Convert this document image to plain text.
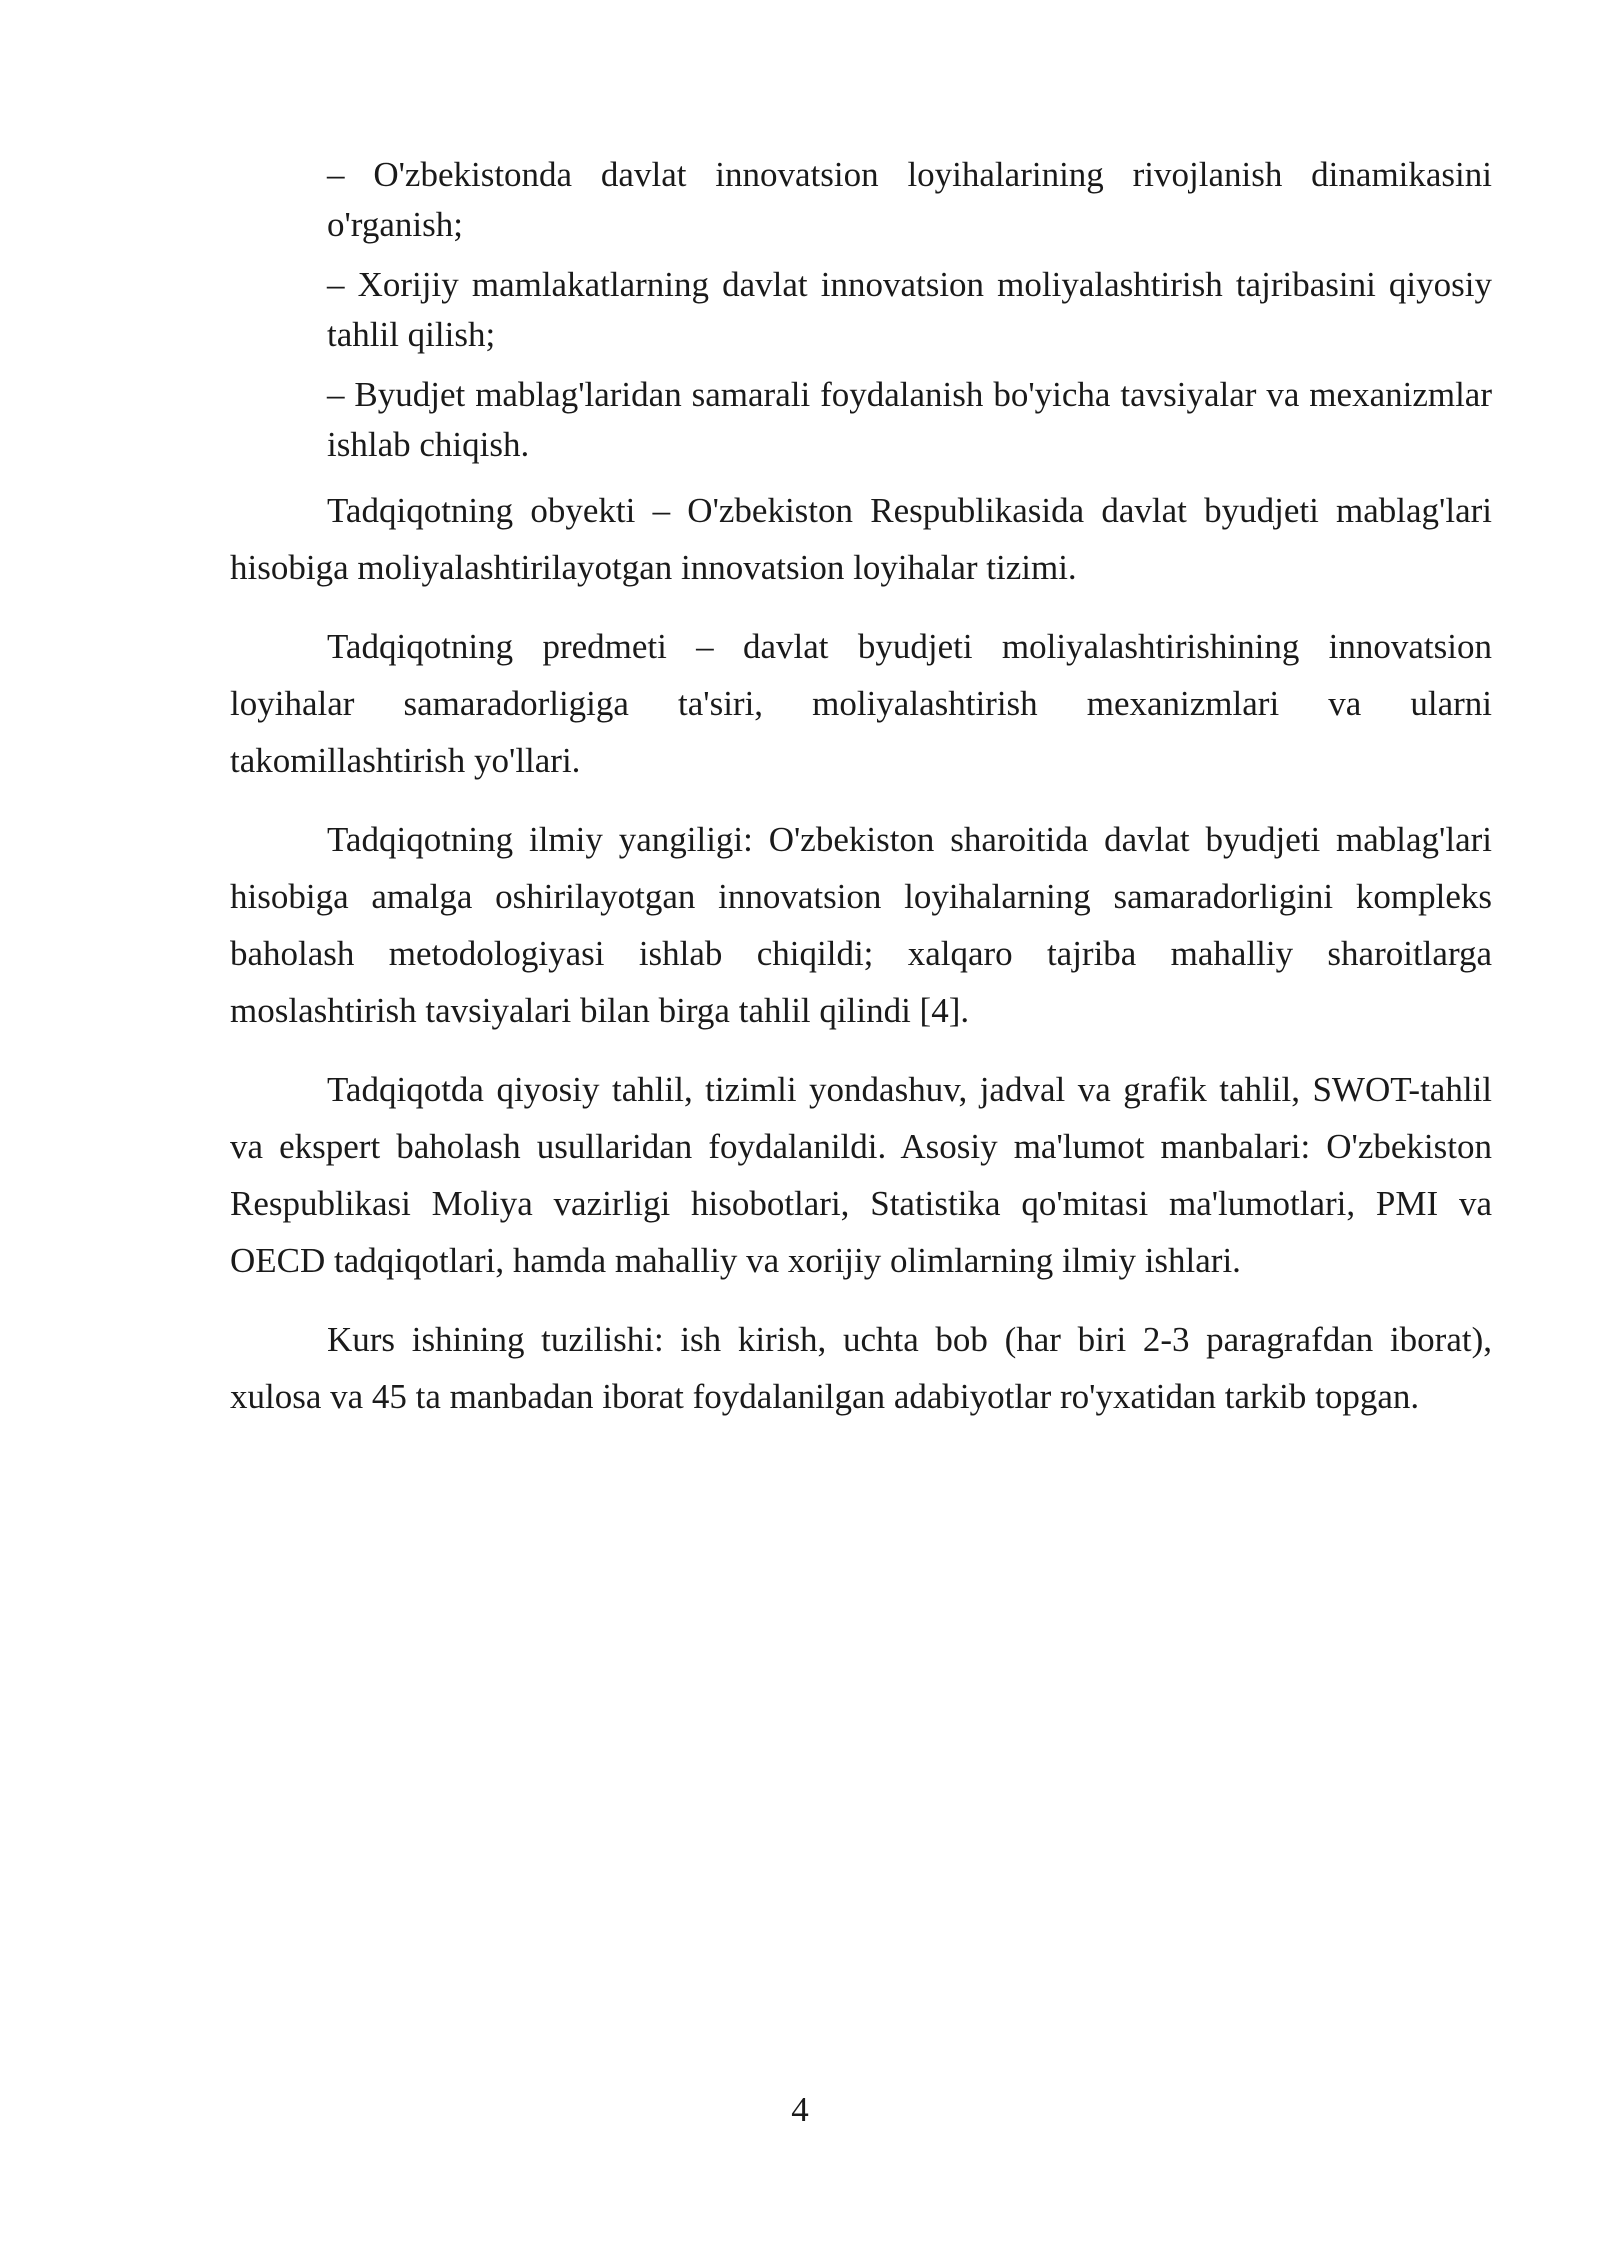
– O'zbekistonda davlat innovatsion loyihalarining rivojlanish dinamikasini o'rganish;
– Xorijiy mamlakatlarning davlat innovatsion moliyalashtirish tajribasini qiyosiy tahlil qilish;
– Byudjet mablag'laridan samarali foydalanish bo'yicha tavsiyalar va mexanizmlar ishlab chiqish.

Tadqiqotning obyekti – O'zbekiston Respublikasida davlat byudjeti mablag'lari hisobiga moliyalashtirilayotgan innovatsion loyihalar tizimi.

Tadqiqotning predmeti – davlat byudjeti moliyalashtirishining innovatsion loyihalar samaradorligiga ta'siri, moliyalashtirish mexanizmlari va ularni takomillashtirish yo'llari.

Tadqiqotning ilmiy yangiligi: O'zbekiston sharoitida davlat byudjeti mablag'lari hisobiga amalga oshirilayotgan innovatsion loyihalarning samaradorligini kompleks baholash metodologiyasi ishlab chiqildi; xalqaro tajriba mahalliy sharoitlarga moslashtirish tavsiyalari bilan birga tahlil qilindi [4].

Tadqiqotda qiyosiy tahlil, tizimli yondashuv, jadval va grafik tahlil, SWOT-tahlil va ekspert baholash usullaridan foydalanildi. Asosiy ma'lumot manbalari: O'zbekiston Respublikasi Moliya vazirligi hisobotlari, Statistika qo'mitasi ma'lumotlari, PMI va OECD tadqiqotlari, hamda mahalliy va xorijiy olimlarning ilmiy ishlari.

Kurs ishining tuzilishi: ish kirish, uchta bob (har biri 2-3 paragrafdan iborat), xulosa va 45 ta manbadan iborat foydalanilgan adabiyotlar ro'yxatidan tarkib topgan.

4
